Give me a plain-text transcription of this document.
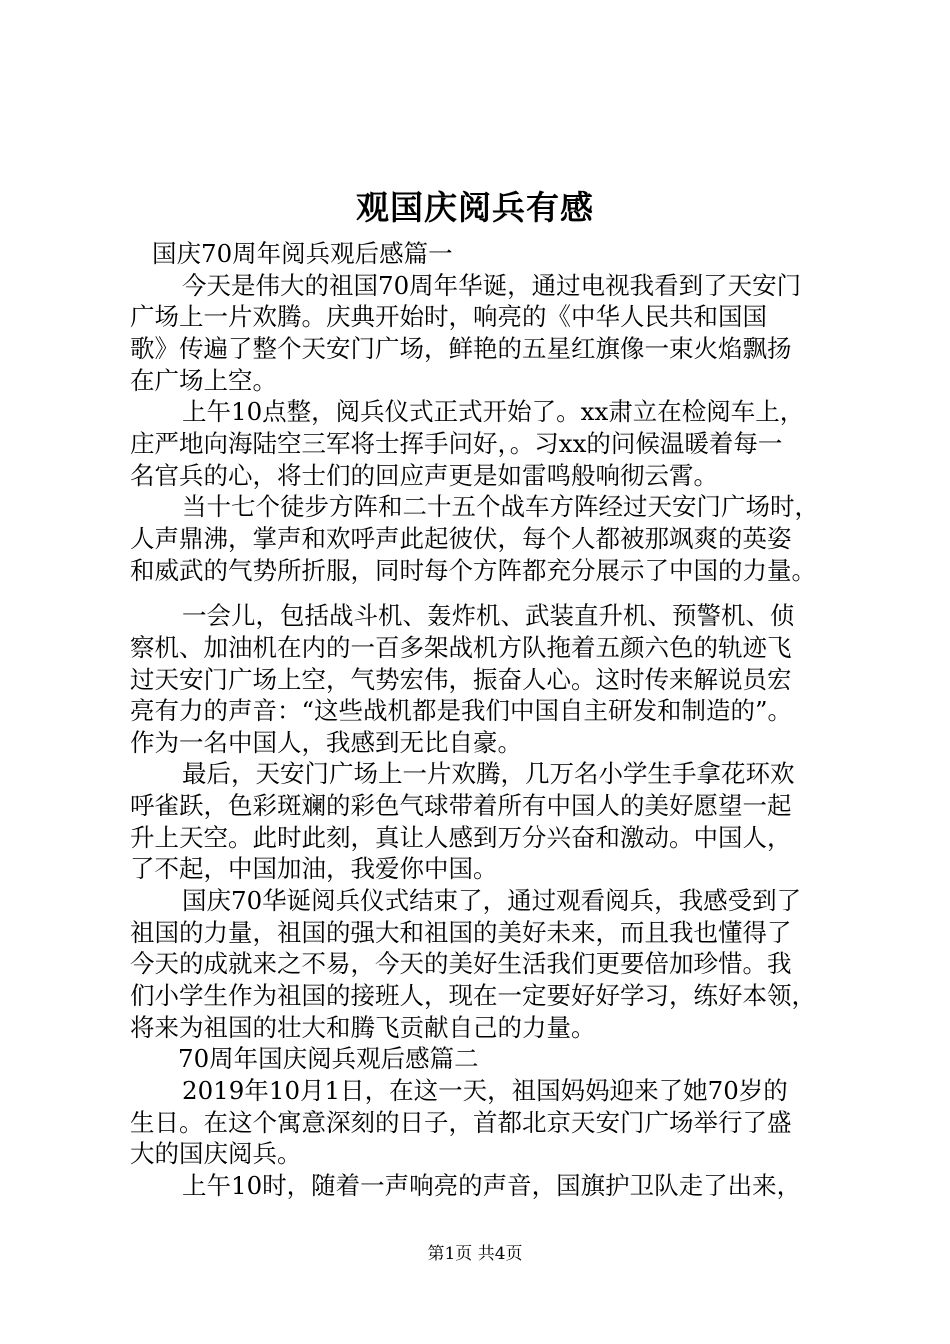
观国庆阅兵有感
国庆70周年阅兵观后感篇一
今天是伟大的祖国70周年华诞，通过电视我看到了天安门
广场上一片欢腾。庆典开始时，响亮的《中华人民共和国国
歌》传遍了整个天安门广场，鲜艳的五星红旗像一束火焰飘扬
在广场上空。
上午10点整，阅兵仪式正式开始了。xx肃立在检阅车上，
庄严地向海陆空三军将士挥手问好，。习xx的问候温暖着每一
名官兵的心，将士们的回应声更是如雷鸣般响彻云霄。
当十七个徒步方阵和二十五个战车方阵经过天安门广场时，
人声鼎沸，掌声和欢呼声此起彼伏，每个人都被那飒爽的英姿
和威武的气势所折服，同时每个方阵都充分展示了中国的力量。
一会儿，包括战斗机、轰炸机、武装直升机、预警机、侦
察机、加油机在内的一百多架战机方队拖着五颜六色的轨迹飞
过天安门广场上空，气势宏伟，振奋人心。这时传来解说员宏
亮有力的声音：“这些战机都是我们中国自主研发和制造的”。
作为一名中国人，我感到无比自豪。
最后，天安门广场上一片欢腾，几万名小学生手拿花环欢
呼雀跃，色彩斑斓的彩色气球带着所有中国人的美好愿望一起
升上天空。此时此刻，真让人感到万分兴奋和激动。中国人，
了不起，中国加油，我爱你中国。
国庆70华诞阅兵仪式结束了，通过观看阅兵，我感受到了
祖国的力量，祖国的强大和祖国的美好未来，而且我也懂得了
今天的成就来之不易，今天的美好生活我们更要倍加珍惜。我
们小学生作为祖国的接班人，现在一定要好好学习，练好本领，
将来为祖国的壮大和腾飞贡献自己的力量。
70周年国庆阅兵观后感篇二
2019年10月1日，在这一天，祖国妈妈迎来了她70岁的
生日。在这个寓意深刻的日子，首都北京天安门广场举行了盛
大的国庆阅兵。
上午10时，随着一声响亮的声音，国旗护卫队走了出来，
第1页 共4页
